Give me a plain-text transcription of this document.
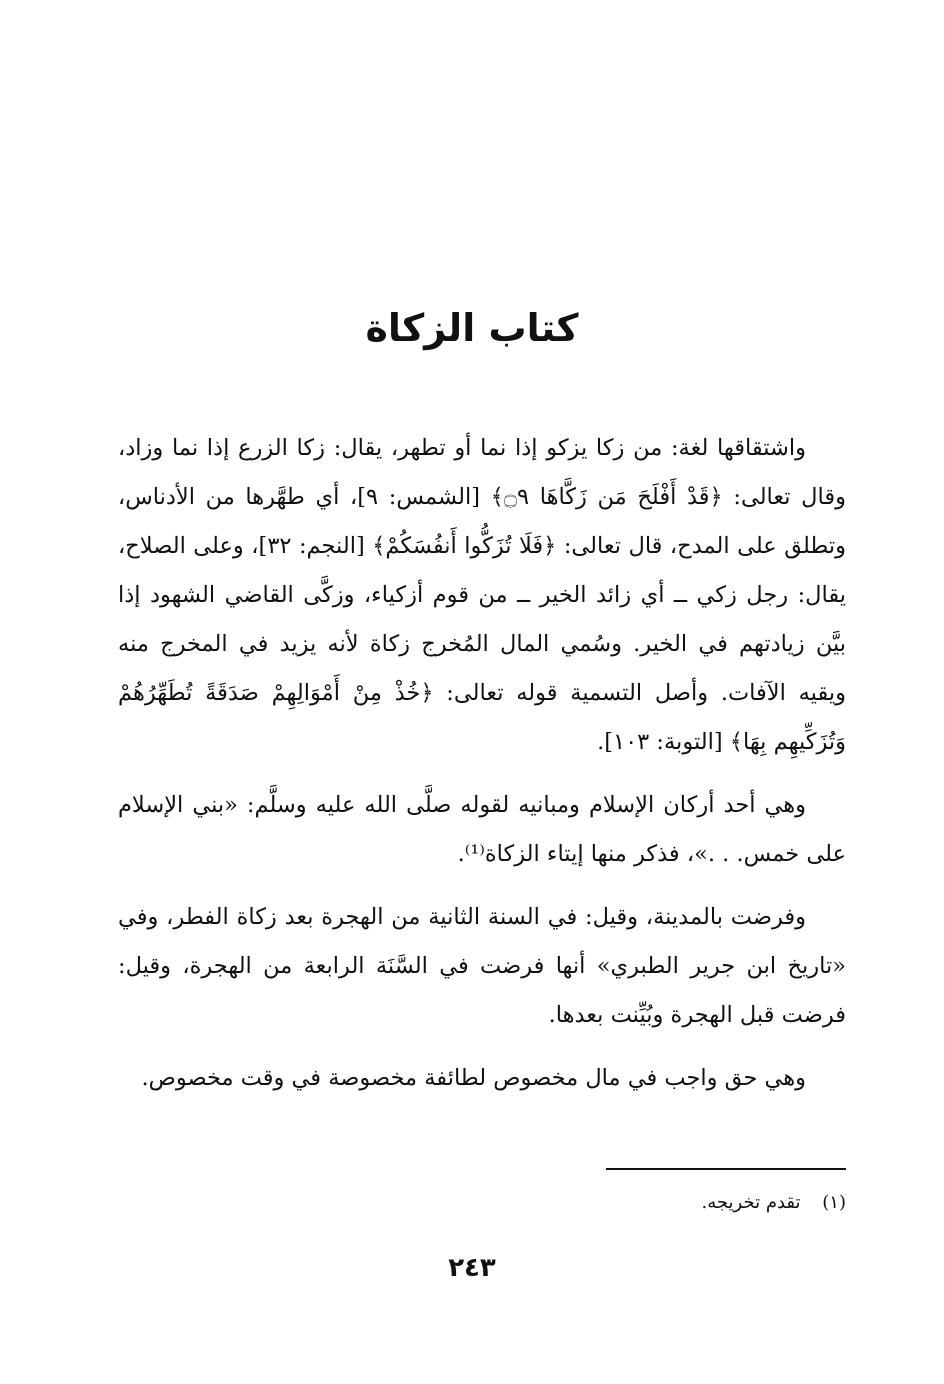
كتاب الزكاة

واشتقاقها لغة: من زكا يزكو إذا نما أو تطهر، يقال: زكا الزرع إذا نما وزاد، وقال تعالى: ﴿قَدْ أَفْلَحَ مَن زَكَّاهَا ۝٩﴾ [الشمس: ٩]، أي طهَّرها من الأدناس، وتطلق على المدح، قال تعالى: ﴿فَلَا تُزَكُّوا أَنفُسَكُمْ﴾ [النجم: ٣٢]، وعلى الصلاح، يقال: رجل زكي ــ أي زائد الخير ــ من قوم أزكياء، وزكَّى القاضي الشهود إذا بيَّن زيادتهم في الخير. وسُمي المال المُخرج زكاة لأنه يزيد في المخرج منه ويقيه الآفات. وأصل التسمية قوله تعالى: ﴿خُذْ مِنْ أَمْوَالِهِمْ صَدَقَةً تُطَهِّرُهُمْ وَتُزَكِّيهِم بِهَا﴾ [التوبة: ١٠٣].

وهي أحد أركان الإسلام ومبانيه لقوله صلَّى الله عليه وسلَّم: «بني الإسلام على خمس. . .»، فذكر منها إيتاء الزكاة⁽¹⁾.

وفرضت بالمدينة، وقيل: في السنة الثانية من الهجرة بعد زكاة الفطر، وفي «تاريخ ابن جرير الطبري» أنها فرضت في السَّنَة الرابعة من الهجرة، وقيل: فرضت قبل الهجرة وبُيِّنت بعدها.

وهي حق واجب في مال مخصوص لطائفة مخصوصة في وقت مخصوص.

(١) تقدم تخريجه.
٢٤٣
